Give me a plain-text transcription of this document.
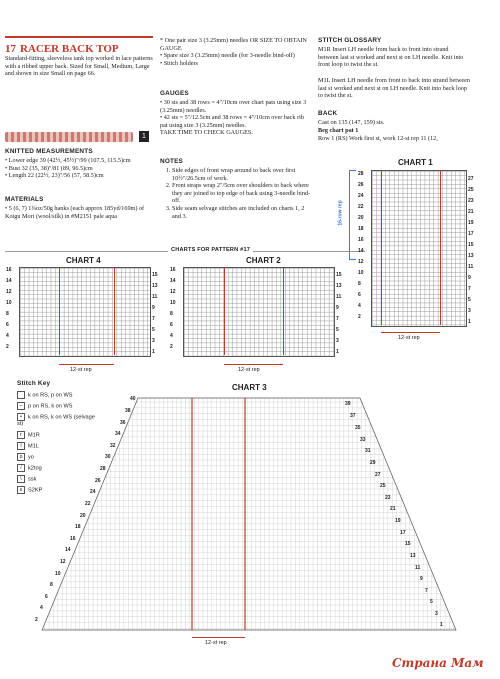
17 RACER BACK TOP
Standard-fitting, sleeveless tank top worked in lace patterns with a ribbed upper back. Sized for Small, Medium, Large and shown in size Small on page 66.
1
KNITTED MEASUREMENTS
• Lower edge 39 (42½, 45½)"/99 (107.5, 115.5)cm
• Bust 32 (35, 38)"/81 (89, 96.5)cm
• Length 22 (22½, 23)"/56 (57, 58.5)cm
MATERIALS
• 5 (6, 7) 1¾oz/50g hanks (each approx 185yd/169m) of Koigu Mori (wool/silk) in #M2151 pale aqua
* One pair size 3 (3.25mm) needles OR SIZE TO OBTAIN GAUGE
• Spare size 3 (3.25mm) needle (for 3-needle bind-off)
• Stitch holders
GAUGES
• 30 sts and 38 rows = 4"/10cm over chart pats using size 3 (3.25mm) needles.
• 42 sts = 5"/12.5cm and 38 rows = 4"/10cm over back rib pat using size 3 (3.25mm) needles.
TAKE TIME TO CHECK GAUGES.
NOTES
1. Side edges of front wrap around to back over first 10½"/26.5cm of work.
2. Front straps wrap 2"/5cm over shoulders to back where they are joined to top edge of back using 3-needle bind-off.
3. Side seam selvage stitches are included on charts 1, 2 and 3.
STITCH GLOSSARY
M1R Insert LH needle from back to front into strand between last st worked and next st on LH needle. Knit into front loop to twist the st.
M1L Insert LH needle from front to back into strand between last st worked and next st on LH needle. Knit into back loop to twist the st.
BACK
Cast on 135 (147, 159) sts.
Beg chart pat 1
Row 1 (RS) Work first st, work 12-st rep 11 (12,
CHARTS FOR PATTERN #17
CHART 1
16-row rep
28
26
24
22
20
18
16
14
12
10
8
6
4
2
27
25
23
21
19
17
15
13
11
9
7
5
3
1
12-st rep
CHART 4
16
14
12
10
8
6
4
2
15
13
11
9
7
5
3
1
12-st rep
CHART 2
16
14
12
10
8
6
4
2
15
13
11
9
7
5
3
1
12-st rep
Stitch Key
k on RS, p on WS
– p on RS, k on WS
• k on RS, k on WS (selvage st)
r M1R
l M1L
o yo
/ k2tog
\ ssk
∧ S2KP
CHART 3
40
38
36
34
32
30
28
26
24
22
20
18
16
14
12
10
8
6
4
2
39
37
35
33
31
29
27
25
23
21
19
17
15
13
11
9
7
5
3
1
12-st rep
Страна Мам
